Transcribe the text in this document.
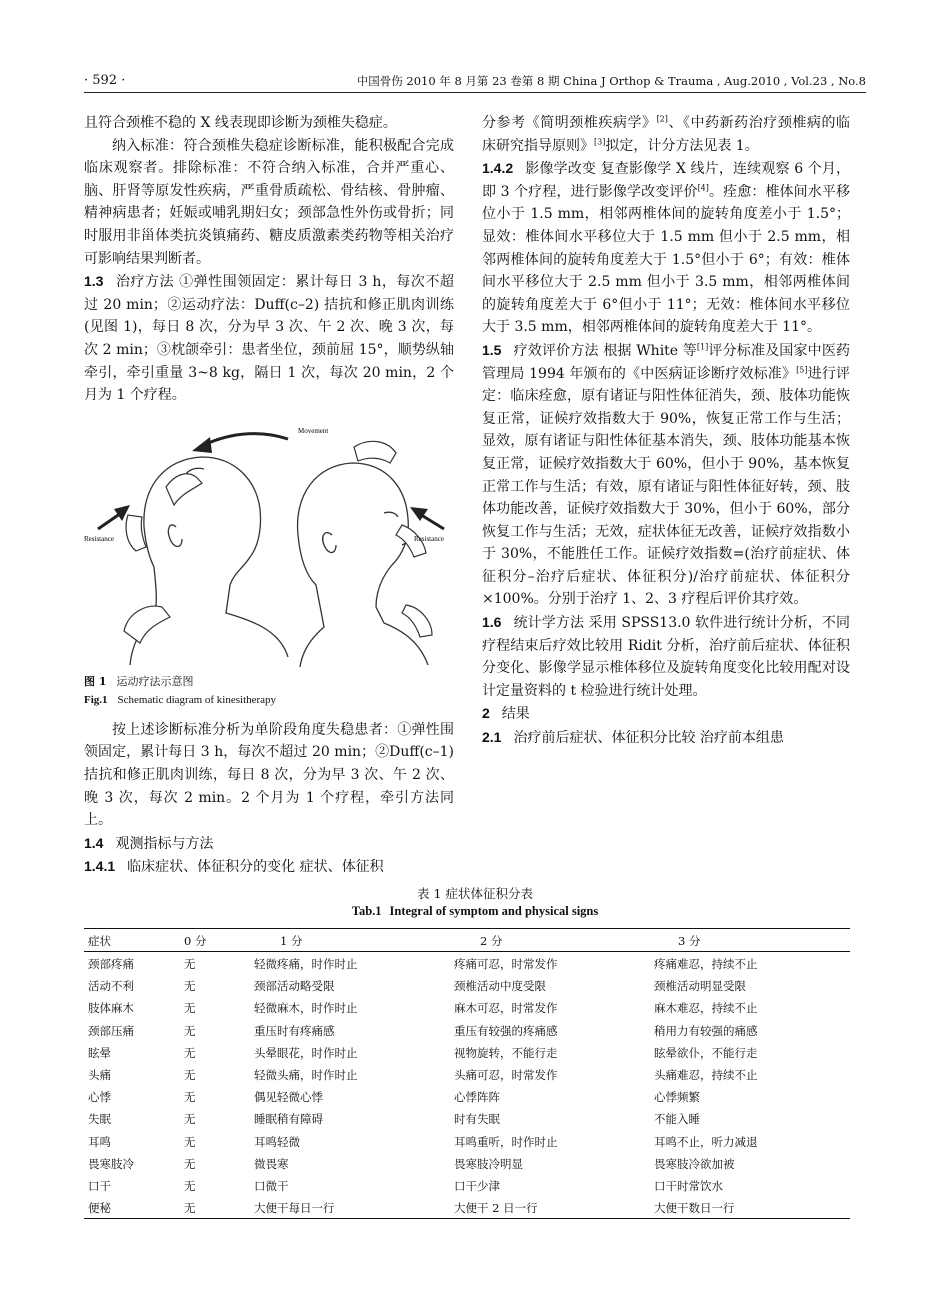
· 592 ·	中国骨伤 2010 年 8 月第 23 卷第 8 期 China J Orthop & Trauma , Aug.2010 , Vol.23 , No.8

且符合颈椎不稳的 X 线表现即诊断为颈椎失稳症。

纳入标准：符合颈椎失稳症诊断标准，能积极配合完成临床观察者。排除标准：不符合纳入标准，合并严重心、脑、肝肾等原发性疾病，严重骨质疏松、骨结核、骨肿瘤、精神病患者；妊娠或哺乳期妇女；颈部急性外伤或骨折；同时服用非甾体类抗炎镇痛药、糖皮质激素类药物等相关治疗可影响结果判断者。

1.3 治疗方法 ①弹性围领固定：累计每日 3 h，每次不超过 20 min；②运动疗法：Duff(c–2) 拮抗和修正肌肉训练(见图 1)，每日 8 次，分为早 3 次、午 2 次、晚 3 次，每次 2 min；③枕颌牵引：患者坐位，颈前屈 15°，顺势纵轴牵引，牵引重量 3~8 kg，隔日 1 次，每次 20 min，2 个月为 1 个疗程。

Movement
Resistance	Resistance
图 1 运动疗法示意图
Fig.1 Schematic diagram of kinesitherapy

按上述诊断标准分析为单阶段角度失稳患者：①弹性围领固定，累计每日 3 h，每次不超过 20 min；②Duff(c–1) 拮抗和修正肌肉训练，每日 8 次，分为早 3 次、午 2 次、晚 3 次，每次 2 min。2 个月为 1 个疗程，牵引方法同上。

1.4 观测指标与方法

1.4.1 临床症状、体征积分的变化 症状、体征积

分参考《简明颈椎疾病学》[2]、《中药新药治疗颈椎病的临床研究指导原则》[3]拟定，计分方法见表 1。

1.4.2 影像学改变 复查影像学 X 线片，连续观察 6 个月，即 3 个疗程，进行影像学改变评价[4]。痊愈：椎体间水平移位小于 1.5 mm，相邻两椎体间的旋转角度差小于 1.5°；显效：椎体间水平移位大于 1.5 mm 但小于 2.5 mm，相邻两椎体间的旋转角度差大于 1.5°但小于 6°；有效：椎体间水平移位大于 2.5 mm 但小于 3.5 mm，相邻两椎体间的旋转角度差大于 6°但小于 11°；无效：椎体间水平移位大于 3.5 mm，相邻两椎体间的旋转角度差大于 11°。

1.5 疗效评价方法 根据 White 等[1]评分标准及国家中医药管理局 1994 年颁布的《中医病证诊断疗效标准》[5]进行评定：临床痊愈，原有诸证与阳性体征消失，颈、肢体功能恢复正常，证候疗效指数大于 90%，恢复正常工作与生活；显效，原有诸证与阳性体征基本消失，颈、肢体功能基本恢复正常，证候疗效指数大于 60%，但小于 90%，基本恢复正常工作与生活；有效，原有诸证与阳性体征好转，颈、肢体功能改善，证候疗效指数大于 30%，但小于 60%，部分恢复工作与生活；无效，症状体征无改善，证候疗效指数小于 30%，不能胜任工作。证候疗效指数=(治疗前症状、体征积分–治疗后症状、体征积分)/治疗前症状、体征积分×100%。分别于治疗 1、2、3 疗程后评价其疗效。

1.6 统计学方法 采用 SPSS13.0 软件进行统计分析，不同疗程结束后疗效比较用 Ridit 分析，治疗前后症状、体征积分变化、影像学显示椎体移位及旋转角度变化比较用配对设计定量资料的 t 检验进行统计处理。

2 结果

2.1 治疗前后症状、体征积分比较 治疗前本组患

表 1 症状体征积分表
Tab.1 Integral of symptom and physical signs
症状	0 分	1 分	2 分	3 分
颈部疼痛	无	轻微疼痛，时作时止	疼痛可忍，时常发作	疼痛难忍，持续不止
活动不利	无	颈部活动略受限	颈椎活动中度受限	颈椎活动明显受限
肢体麻木	无	轻微麻木，时作时止	麻木可忍，时常发作	麻木难忍，持续不止
颈部压痛	无	重压时有疼痛感	重压有较强的疼痛感	稍用力有较强的痛感
眩晕	无	头晕眼花，时作时止	视物旋转，不能行走	眩晕欲仆，不能行走
头痛	无	轻微头痛，时作时止	头痛可忍，时常发作	头痛难忍，持续不止
心悸	无	偶见轻微心悸	心悸阵阵	心悸频繁
失眠	无	睡眠稍有障碍	时有失眠	不能入睡
耳鸣	无	耳鸣轻微	耳鸣重听，时作时止	耳鸣不止，听力减退
畏寒肢冷	无	微畏寒	畏寒肢冷明显	畏寒肢冷欲加被
口干	无	口微干	口干少津	口干时常饮水
便秘	无	大便干每日一行	大便干 2 日一行	大便干数日一行
